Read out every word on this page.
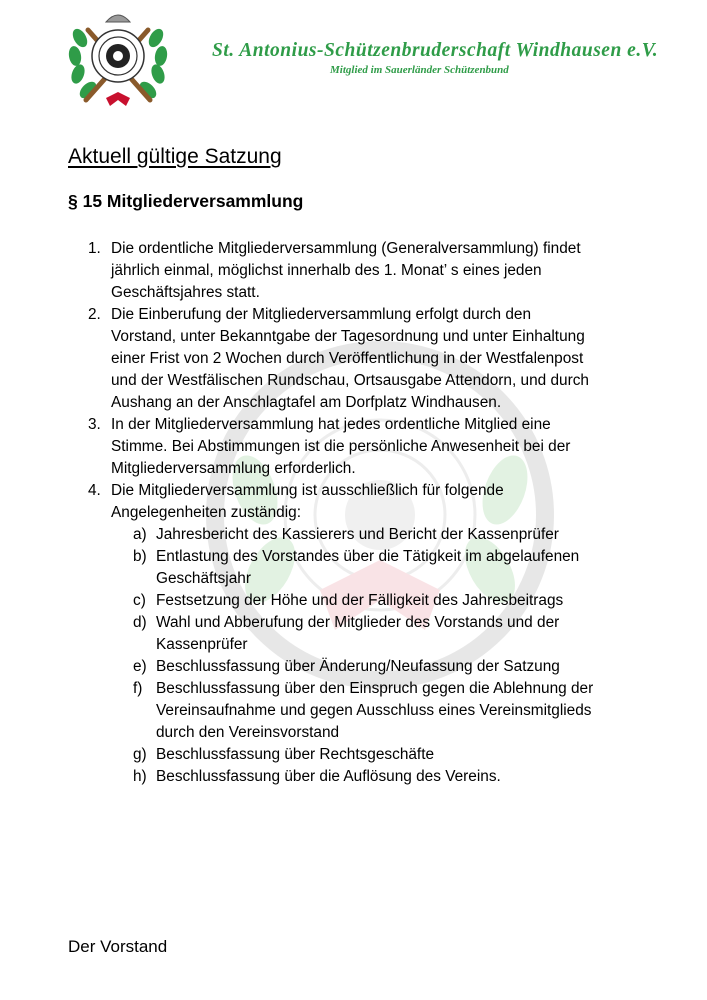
St. Antonius-Schützenbruderschaft Windhausen e.V.
Mitglied im Sauerländer Schützenbund
Aktuell gültige Satzung
§ 15 Mitgliederversammlung
1. Die ordentliche Mitgliederversammlung (Generalversammlung) findet
jährlich einmal, möglichst innerhalb des 1. Monat’ s eines jeden
Geschäftsjahres statt.
2. Die Einberufung der Mitgliederversammlung erfolgt durch den
Vorstand, unter Bekanntgabe der Tagesordnung und unter Einhaltung
einer Frist von 2 Wochen durch Veröffentlichung in der Westfalenpost
und der Westfälischen Rundschau, Ortsausgabe Attendorn, und durch
Aushang an der Anschlagtafel am Dorfplatz Windhausen.
3. In der Mitgliederversammlung hat jedes ordentliche Mitglied eine
Stimme. Bei Abstimmungen ist die persönliche Anwesenheit bei der
Mitgliederversammlung erforderlich.
4. Die Mitgliederversammlung ist ausschließlich für folgende
Angelegenheiten zuständig:
a) Jahresbericht des Kassierers und Bericht der Kassenprüfer
b) Entlastung des Vorstandes über die Tätigkeit im abgelaufenen
Geschäftsjahr
c) Festsetzung der Höhe und der Fälligkeit des Jahresbeitrags
d) Wahl und Abberufung der Mitglieder des Vorstands und der
Kassenprüfer
e) Beschlussfassung über Änderung/Neufassung der Satzung
f) Beschlussfassung über den Einspruch gegen die Ablehnung der
Vereinsaufnahme und gegen Ausschluss eines Vereinsmitglieds
durch den Vereinsvorstand
g) Beschlussfassung über Rechtsgeschäfte
h) Beschlussfassung über die Auflösung des Vereins.
Der Vorstand
